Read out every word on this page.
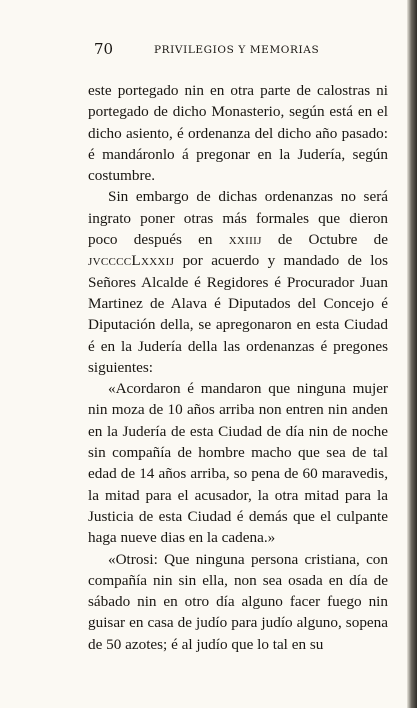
70	PRIVILEGIOS Y MEMORIAS

este portegado nin en otra parte de calostras ni portegado de dicho Monasterio, según está en el dicho asiento, é ordenanza del dicho año pasado: é mandáronlo á pregonar en la Judería, según costumbre.

Sin embargo de dichas ordenanzas no será ingrato poner otras más formales que dieron poco después en xxiiij de Octubre de jvccccLxxxij por acuerdo y mandado de los Señores Alcalde é Regidores é Procurador Juan Martinez de Alava é Diputados del Concejo é Diputación della, se apregonaron en esta Ciudad é en la Judería della las ordenanzas é pregones siguientes:

«Acordaron é mandaron que ninguna mujer nin moza de 10 años arriba non entren nin anden en la Judería de esta Ciudad de día nin de noche sin compañía de hombre macho que sea de tal edad de 14 años arriba, so pena de 60 maravedis, la mitad para el acusador, la otra mitad para la Justicia de esta Ciudad é demás que el culpante haga nueve dias en la cadena.»

«Otrosi: Que ninguna persona cristiana, con compañía nin sin ella, non sea osada en día de sábado nin en otro día alguno facer fuego nin guisar en casa de judío para judío alguno, sopena de 50 azotes; é al judío que lo tal en su
